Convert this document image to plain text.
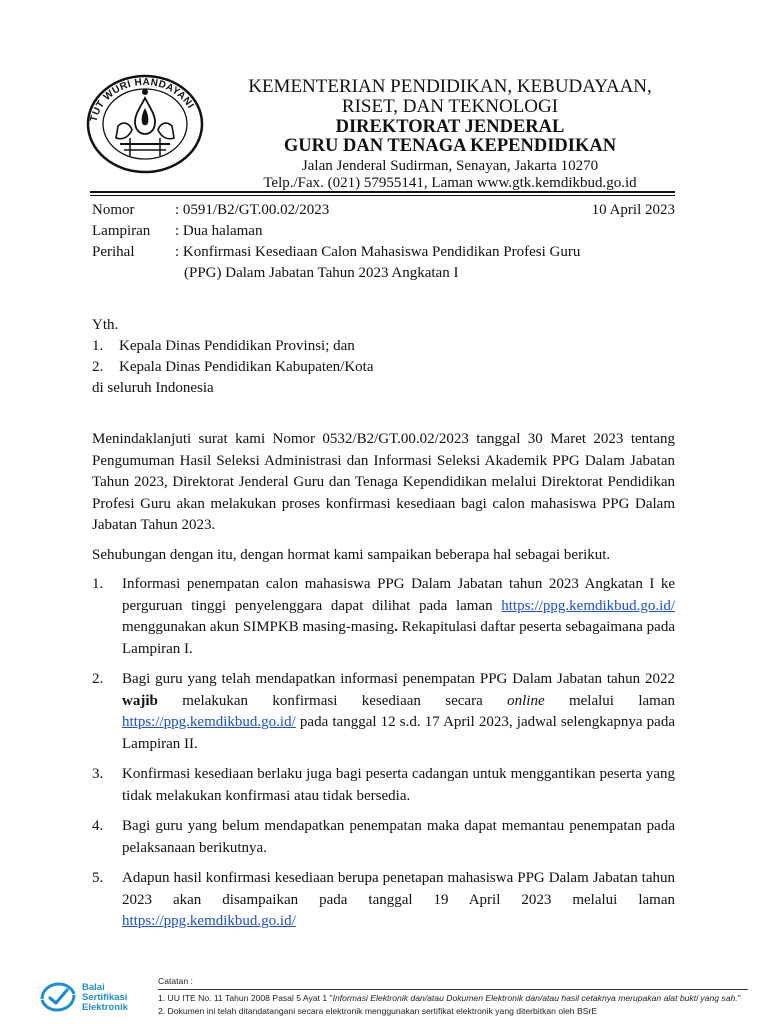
TUT WURI HANDAYANI
KEMENTERIAN PENDIDIKAN, KEBUDAYAAN,
RISET, DAN TEKNOLOGI
DIREKTORAT JENDERAL
GURU DAN TENAGA KEPENDIDIKAN
Jalan Jenderal Sudirman, Senayan, Jakarta 10270
Telp./Fax. (021) 57955141, Laman www.gtk.kemdikbud.go.id
Nomor	: 0591/B2/GT.00.02/2023	10 April 2023
Lampiran : Dua halaman
Perihal	: Konfirmasi Kesediaan Calon Mahasiswa Pendidikan Profesi Guru
(PPG) Dalam Jabatan Tahun 2023 Angkatan I
Yth.
1. Kepala Dinas Pendidikan Provinsi; dan
2. Kepala Dinas Pendidikan Kabupaten/Kota
di seluruh Indonesia

Menindaklanjuti surat kami Nomor 0532/B2/GT.00.02/2023 tanggal 30 Maret 2023 tentang Pengumuman Hasil Seleksi Administrasi dan Informasi Seleksi Akademik PPG Dalam Jabatan Tahun 2023, Direktorat Jenderal Guru dan Tenaga Kependidikan melalui Direktorat Pendidikan Profesi Guru akan melakukan proses konfirmasi kesediaan bagi calon mahasiswa PPG Dalam Jabatan Tahun 2023.

Sehubungan dengan itu, dengan hormat kami sampaikan beberapa hal sebagai berikut.

1. Informasi penempatan calon mahasiswa PPG Dalam Jabatan tahun 2023 Angkatan I ke perguruan tinggi penyelenggara dapat dilihat pada laman https://ppg.kemdikbud.go.id/ menggunakan akun SIMPKB masing-masing. Rekapitulasi daftar peserta sebagaimana pada Lampiran I.
2. Bagi guru yang telah mendapatkan informasi penempatan PPG Dalam Jabatan tahun 2022 wajib melakukan konfirmasi kesediaan secara online melalui laman https://ppg.kemdikbud.go.id/ pada tanggal 12 s.d. 17 April 2023, jadwal selengkapnya pada Lampiran II.
3. Konfirmasi kesediaan berlaku juga bagi peserta cadangan untuk menggantikan peserta yang tidak melakukan konfirmasi atau tidak bersedia.
4. Bagi guru yang belum mendapatkan penempatan maka dapat memantau penempatan pada pelaksanaan berikutnya.
5. Adapun hasil konfirmasi kesediaan berupa penetapan mahasiswa PPG Dalam Jabatan tahun 2023 akan disampaikan pada tanggal 19 April 2023 melalui laman https://ppg.kemdikbud.go.id/
Balai
Sertifikasi
Elektronik
Catatan :
1. UU ITE No. 11 Tahun 2008 Pasal 5 Ayat 1 "Informasi Elektronik dan/atau Dokumen Elektronik dan/atau hasil cetaknya merupakan alat bukti yang sah."
2. Dokumen ini telah ditandatangani secara elektronik menggunakan sertifikat elektronik yang diterbitkan oleh BSrE
